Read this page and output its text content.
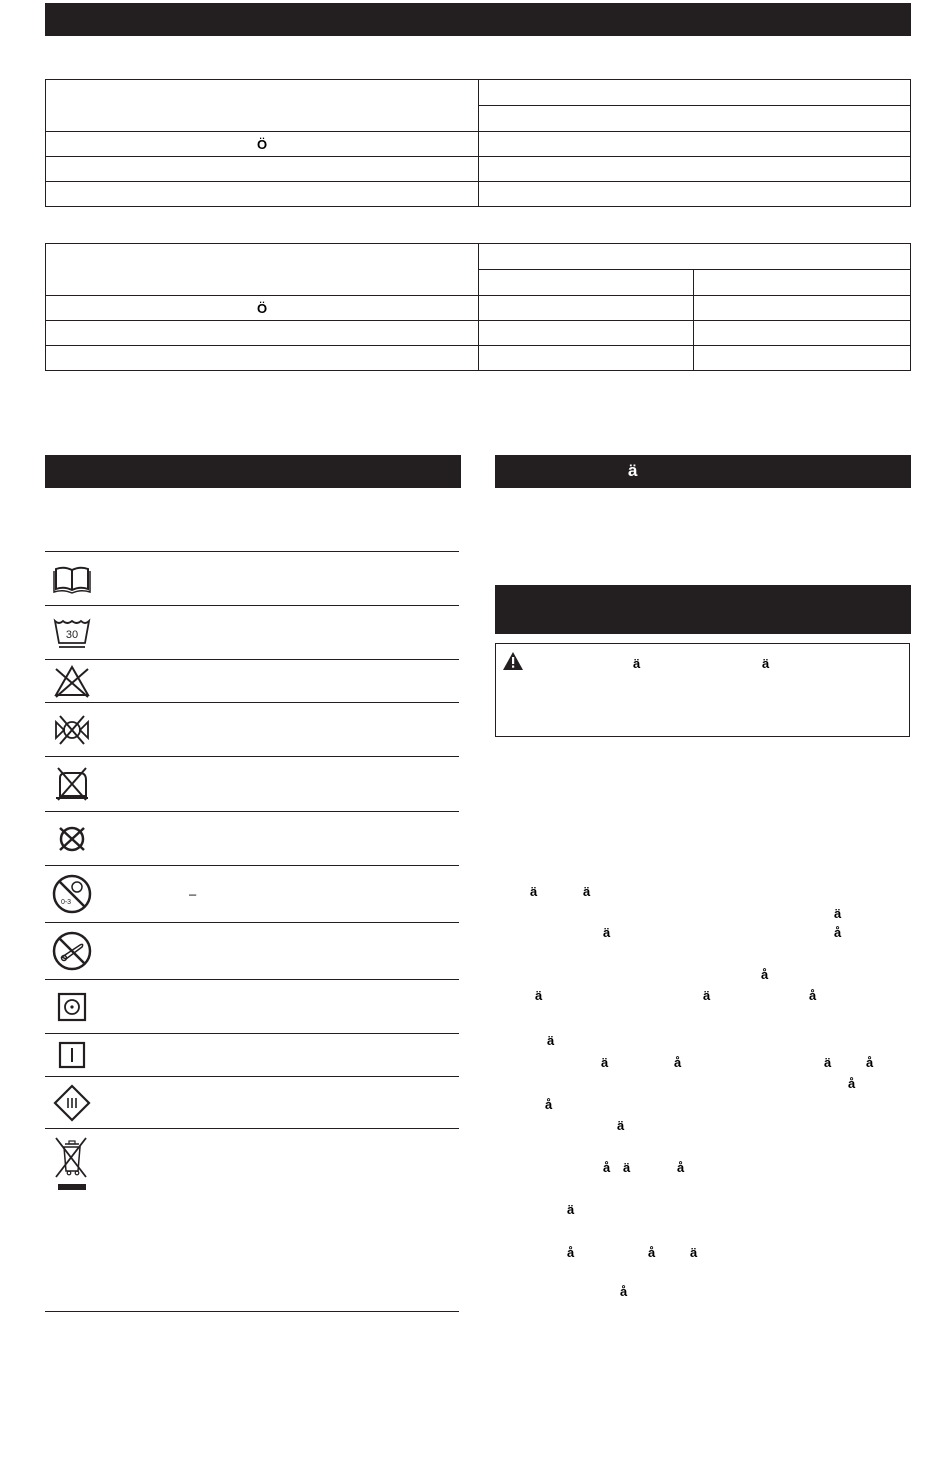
Ö	

Ö		

ä
ä	ä
30
0-3
–	ä	ä
ä
ä	å
å
ä	ä	å
ä
ä	å	ä	å
å
å
ä
å ä	å
ä
å	å	ä
å
